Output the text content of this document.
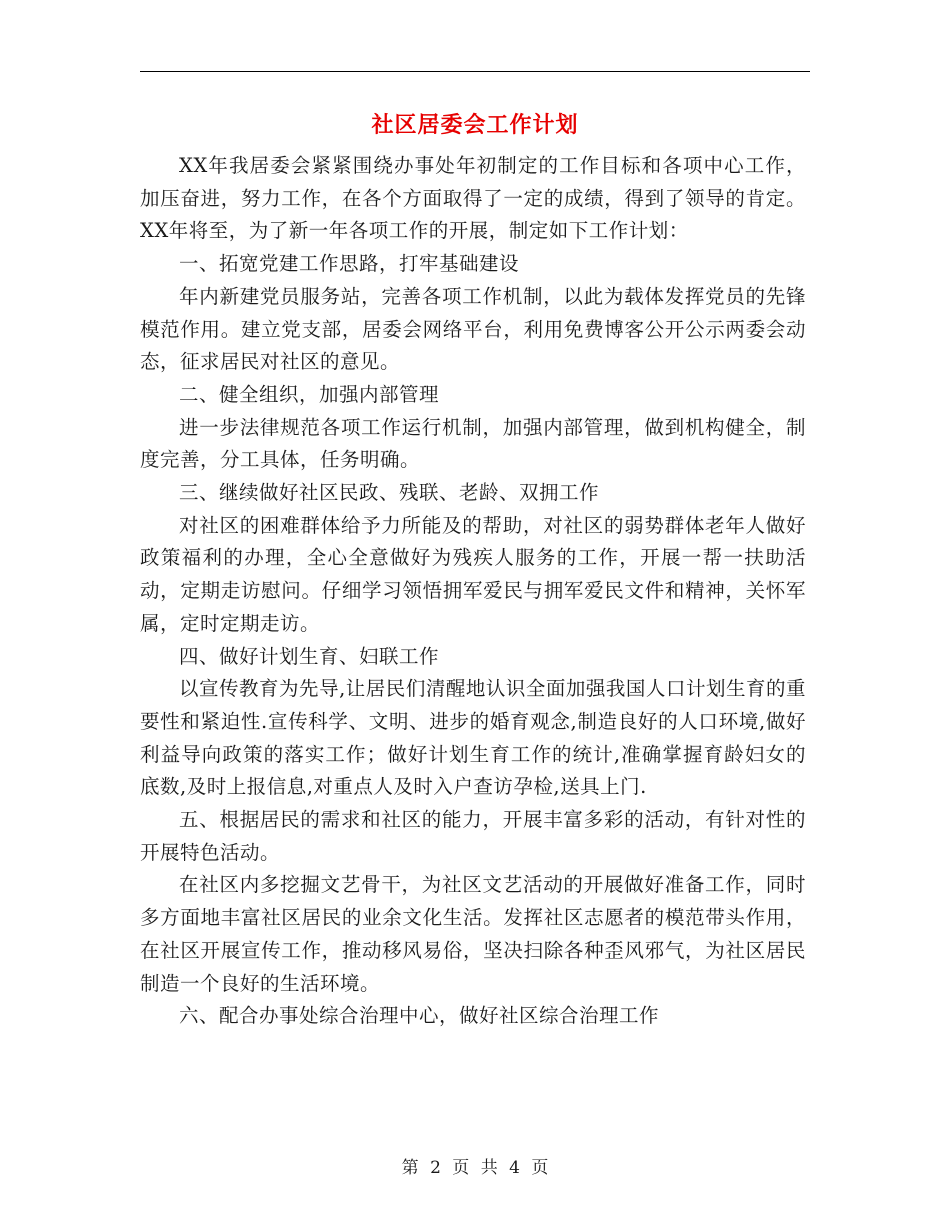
社区居委会工作计划

XX年我居委会紧紧围绕办事处年初制定的工作目标和各项中心工作，加压奋进，努力工作，在各个方面取得了一定的成绩，得到了领导的肯定。XX年将至，为了新一年各项工作的开展，制定如下工作计划：

一、拓宽党建工作思路，打牢基础建设

年内新建党员服务站，完善各项工作机制，以此为载体发挥党员的先锋模范作用。建立党支部，居委会网络平台，利用免费博客公开公示两委会动态，征求居民对社区的意见。

二、健全组织，加强内部管理

进一步法律规范各项工作运行机制，加强内部管理，做到机构健全，制度完善，分工具体，任务明确。

三、继续做好社区民政、残联、老龄、双拥工作

对社区的困难群体给予力所能及的帮助，对社区的弱势群体老年人做好政策福利的办理，全心全意做好为残疾人服务的工作，开展一帮一扶助活动，定期走访慰问。仔细学习领悟拥军爱民与拥军爱民文件和精神，关怀军属，定时定期走访。

四、做好计划生育、妇联工作

以宣传教育为先导,让居民们清醒地认识全面加强我国人口计划生育的重要性和紧迫性.宣传科学、文明、进步的婚育观念,制造良好的人口环境,做好利益导向政策的落实工作；做好计划生育工作的统计,准确掌握育龄妇女的底数,及时上报信息,对重点人及时入户查访孕检,送具上门.

五、根据居民的需求和社区的能力，开展丰富多彩的活动，有针对性的开展特色活动。

在社区内多挖掘文艺骨干，为社区文艺活动的开展做好准备工作，同时多方面地丰富社区居民的业余文化生活。发挥社区志愿者的模范带头作用，在社区开展宣传工作，推动移风易俗，坚决扫除各种歪风邪气，为社区居民制造一个良好的生活环境。

六、配合办事处综合治理中心，做好社区综合治理工作

第 2 页 共 4 页
